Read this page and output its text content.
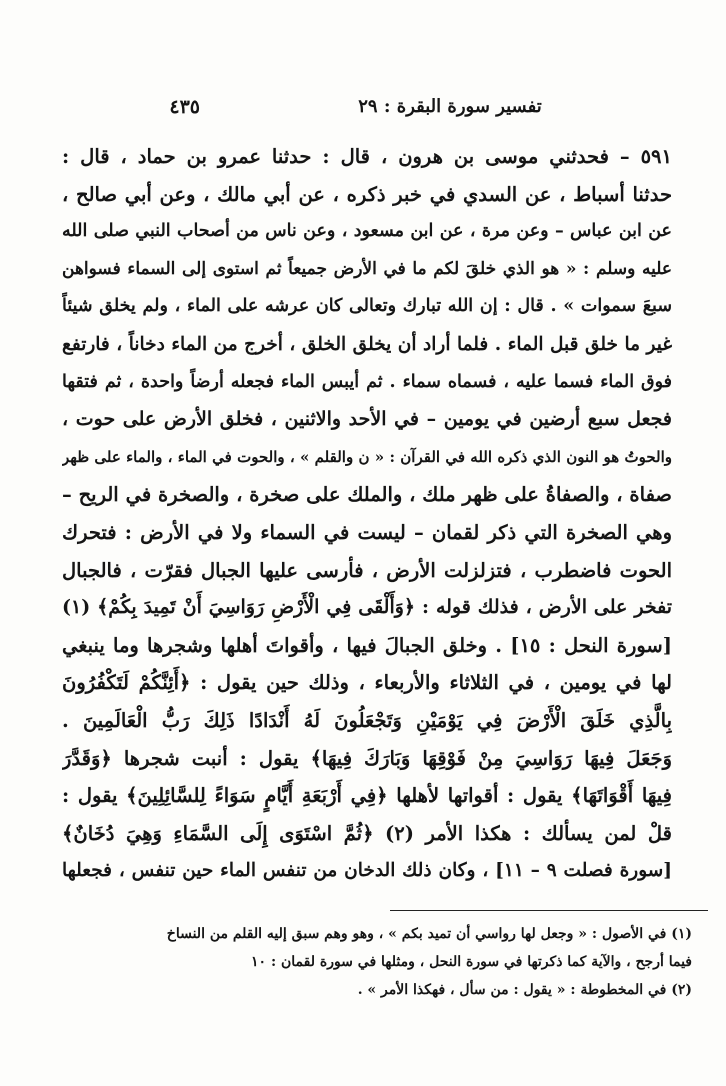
تفسير سورة البقرة : ٢٩
٤٣٥
٥٩١ – فحدثني موسى بن هرون ، قال : حدثنا عمرو بن حماد ، قال :
حدثنا أسباط ، عن السدي في خبر ذكره ، عن أبي مالك ، وعن أبي صالح ،
عن ابن عباس – وعن مرة ، عن ابن مسعود ، وعن ناس من أصحاب النبي صلى الله
عليه وسلم : « هو الذي خلقَ لكم ما في الأرض جميعاً ثم استوى إلى السماء فسواهن
سبعَ سموات » . قال : إن الله تبارك وتعالى كان عرشه على الماء ، ولم يخلق شيئاً
غير ما خلق قبل الماء . فلما أراد أن يخلق الخلق ، أخرج من الماء دخاناً ، فارتفع
فوق الماء فسما عليه ، فسماه سماء . ثم أيبس الماء فجعله أرضاً واحدة ، ثم فتقها
فجعل سبع أرضين في يومين – في الأحد والاثنين ، فخلق الأرض على حوت ،
والحوتُ هو النون الذي ذكره الله في القرآن : « ن والقلم » ، والحوت في الماء ، والماء على ظهر
صفاة ، والصفاةُ على ظهر ملك ، والملك على صخرة ، والصخرة في الريح –
وهي الصخرة التي ذكر لقمان – ليست في السماء ولا في الأرض : فتحرك
الحوت فاضطرب ، فتزلزلت الأرض ، فأرسى عليها الجبال فقرّت ، فالجبال
تفخر على الأرض ، فذلك قوله : ﴿وَأَلْقَى فِي الْأَرْضِ رَوَاسِيَ أَنْ تَمِيدَ بِكُمْ﴾ (١)
[سورة النحل : ١٥] . وخلق الجبالَ فيها ، وأقواتَ أهلها وشجرها وما ينبغي
لها في يومين ، في الثلاثاء والأربعاء ، وذلك حين يقول : ﴿أَئِنَّكُمْ لَتَكْفُرُونَ
بِالَّذِي خَلَقَ الْأَرْضَ فِي يَوْمَيْنِ وَتَجْعَلُونَ لَهُ أَنْدَادًا ذَلِكَ رَبُّ الْعَالَمِينَ .
وَجَعَلَ فِيهَا رَوَاسِيَ مِنْ فَوْقِهَا وَبَارَكَ فِيهَا﴾ يقول : أنبت شجرها ﴿وَقَدَّرَ
فِيهَا أَقْوَاتَهَا﴾ يقول : أقواتها لأهلها ﴿فِي أَرْبَعَةِ أَيَّامٍ سَوَاءً لِلسَّائِلِينَ﴾ يقول :
قلْ لمن يسألك : هكذا الأمر (٢) ﴿ثُمَّ اسْتَوَى إِلَى السَّمَاءِ وَهِيَ دُخَانٌ﴾
[سورة فصلت ٩ – ١١] ، وكان ذلك الدخان من تنفس الماء حين تنفس ، فجعلها
(١) في الأصول : « وجعل لها رواسي أن تميد بكم » ، وهو وهم سبق إليه القلم من النساخ
فيما أرجح ، والآية كما ذكرتها في سورة النحل ، ومثلها في سورة لقمان : ١٠
(٢) في المخطوطة : « يقول : من سأل ، فهكذا الأمر » .
